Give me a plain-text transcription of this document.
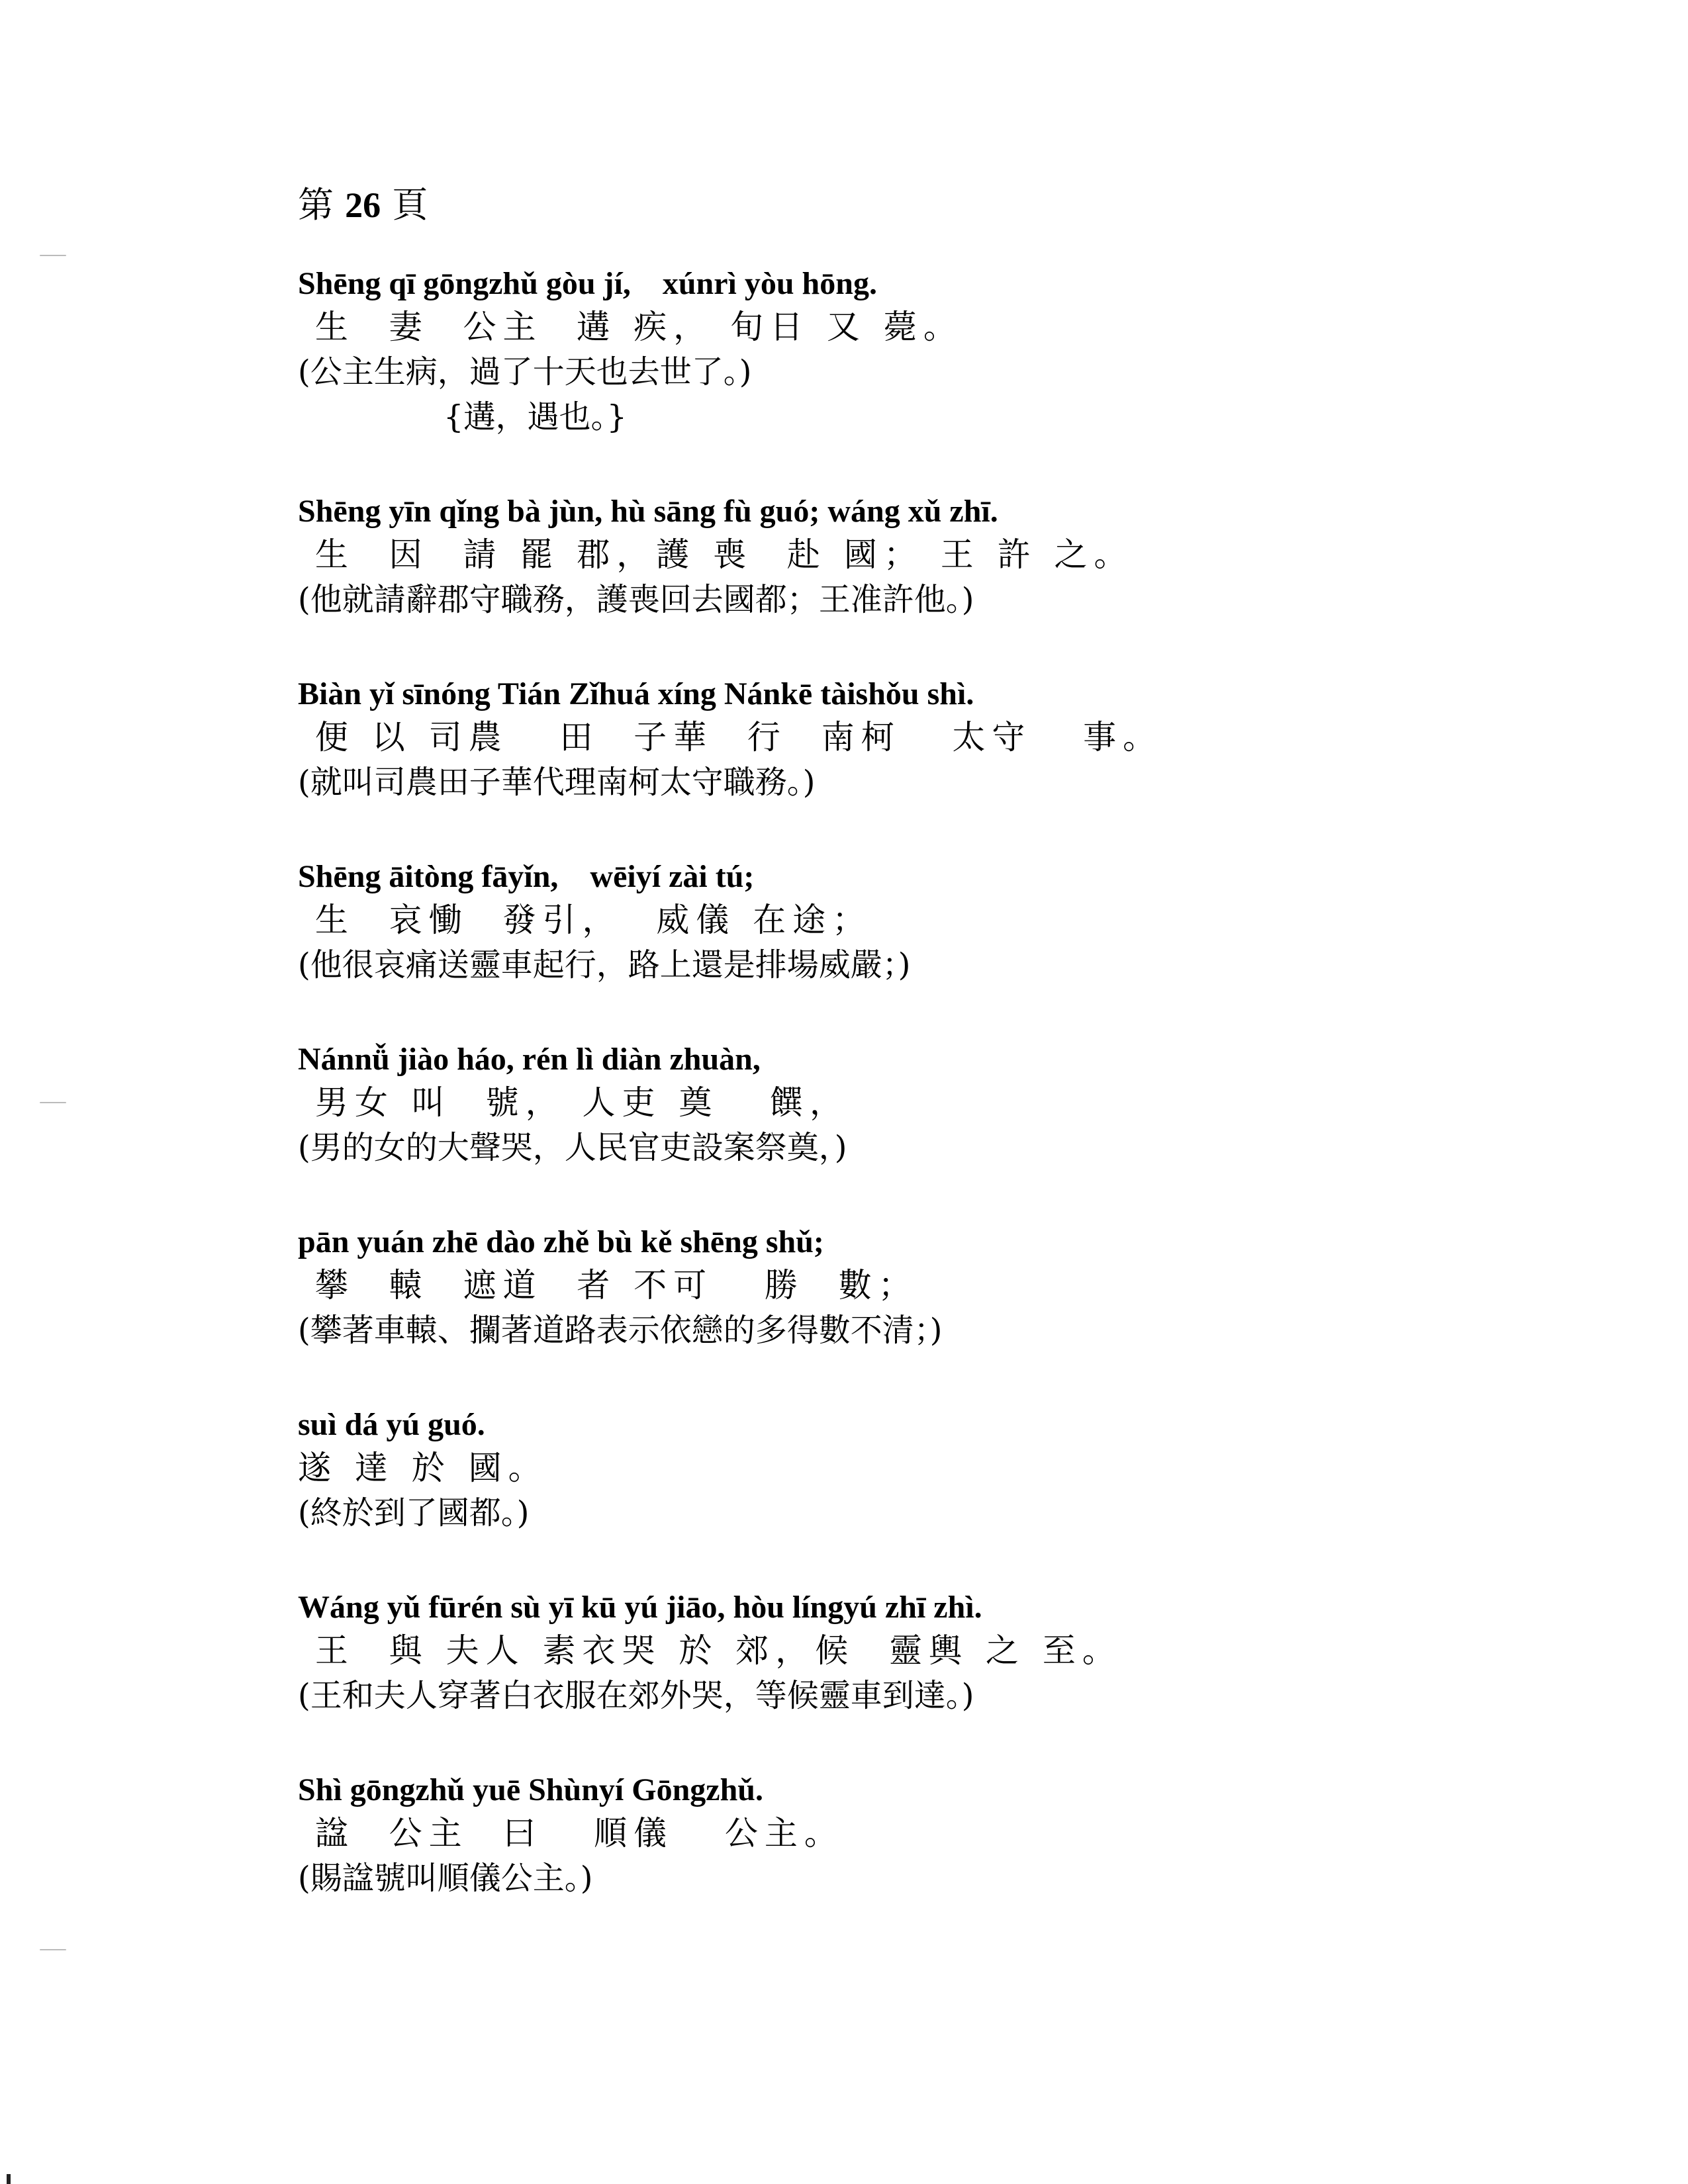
第 26 頁
Shēng qī gōngzhǔ gòu jí,    xúnrì yòu hōng.
生  妻  公主  遘 疾， 旬日 又 薨。
(公主生病，過了十天也去世了。)
{遘，遇也。}
Shēng yīn qǐng bà jùn, hù sāng fù guó; wáng xǔ zhī.
生  因  請 罷 郡，護 喪  赴 國； 王 許 之。
(他就請辭郡守職務，護喪回去國都；王准許他。)
Biàn yǐ sīnóng Tián Zǐhuá xíng Nánkē tàishǒu shì.
便 以 司農   田  子華  行  南柯   太守   事。
(就叫司農田子華代理南柯太守職務。)
Shēng āitòng fāyǐn,    wēiyí zài tú;
生  哀慟  發引，  威儀 在途；
(他很哀痛送靈車起行，路上還是排場威嚴；)
Nánnǚ jiào háo, rén lì diàn zhuàn,
男女 叫  號， 人吏 奠   饌，
(男的女的大聲哭，人民官吏設案祭奠，)
pān yuán zhē dào zhě bù kě shēng shǔ;
攀  轅  遮道  者 不可   勝  數；
(攀著車轅、攔著道路表示依戀的多得數不清；)
suì dá yú guó.
遂 達 於 國。
(終於到了國都。)
Wáng yǔ fūrén sù yī kū yú jiāo, hòu língyú zhī zhì.
王  與 夫人 素衣哭 於 郊，候  靈輿 之 至。
(王和夫人穿著白衣服在郊外哭，等候靈車到達。)
Shì gōngzhǔ yuē Shùnyí Gōngzhǔ.
諡  公主  曰   順儀   公主。
(賜諡號叫順儀公主。)
